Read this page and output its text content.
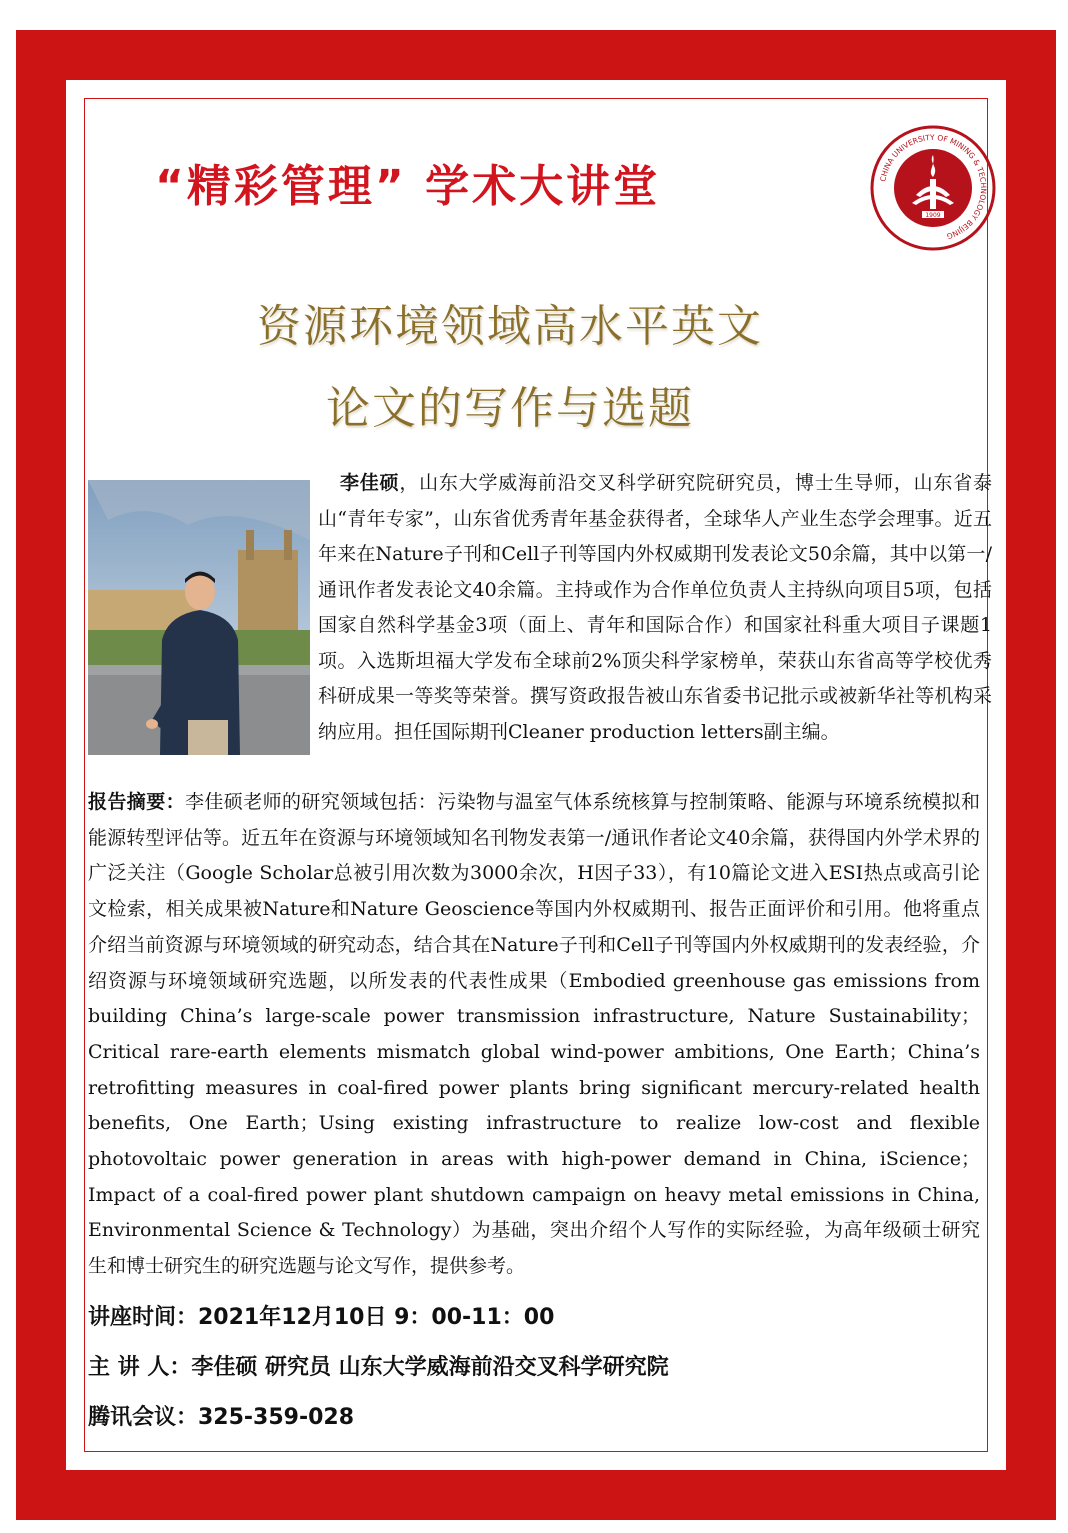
“精彩管理” 学术大讲堂	CHINA UNIVERSITY OF MINING & TECHNOLOGY BEIJING
1909
资源环境领域高水平英文
论文的写作与选题
李佳硕，山东大学威海前沿交叉科学研究院研究员，博士生导师，山东省泰山“青年专家”，山东省优秀青年基金获得者，全球华人产业生态学会理事。近五年来在Nature子刊和Cell子刊等国内外权威期刊发表论文50余篇，其中以第一/通讯作者发表论文40余篇。主持或作为合作单位负责人主持纵向项目5项，包括国家自然科学基金3项（面上、青年和国际合作）和国家社科重大项目子课题1项。入选斯坦福大学发布全球前2%顶尖科学家榜单，荣获山东省高等学校优秀科研成果一等奖等荣誉。撰写资政报告被山东省委书记批示或被新华社等机构采纳应用。担任国际期刊Cleaner production letters副主编。
报告摘要：李佳硕老师的研究领域包括：污染物与温室气体系统核算与控制策略、能源与环境系统模拟和能源转型评估等。近五年在资源与环境领域知名刊物发表第一/通讯作者论文40余篇，获得国内外学术界的广泛关注（Google Scholar总被引用次数为3000余次，H因子33），有10篇论文进入ESI热点或高引论文检索，相关成果被Nature和Nature Geoscience等国内外权威期刊、报告正面评价和引用。他将重点介绍当前资源与环境领域的研究动态，结合其在Nature子刊和Cell子刊等国内外权威期刊的发表经验，介绍资源与环境领域研究选题，以所发表的代表性成果（Embodied greenhouse gas emissions from building China’s large-scale power transmission infrastructure, Nature Sustainability；Critical rare-earth elements mismatch global wind-power ambitions, One Earth；China’s retrofitting measures in coal-fired power plants bring significant mercury-related health benefits, One Earth；Using existing infrastructure to realize low-cost and flexible photovoltaic power generation in areas with high-power demand in China, iScience；Impact of a coal-fired power plant shutdown campaign on heavy metal emissions in China, Environmental Science & Technology）为基础，突出介绍个人写作的实际经验，为高年级硕士研究生和博士研究生的研究选题与论文写作，提供参考。
讲座时间：2021年12月10日 9：00-11：00
主 讲 人：李佳硕 研究员 山东大学威海前沿交叉科学研究院
腾讯会议：325-359-028
